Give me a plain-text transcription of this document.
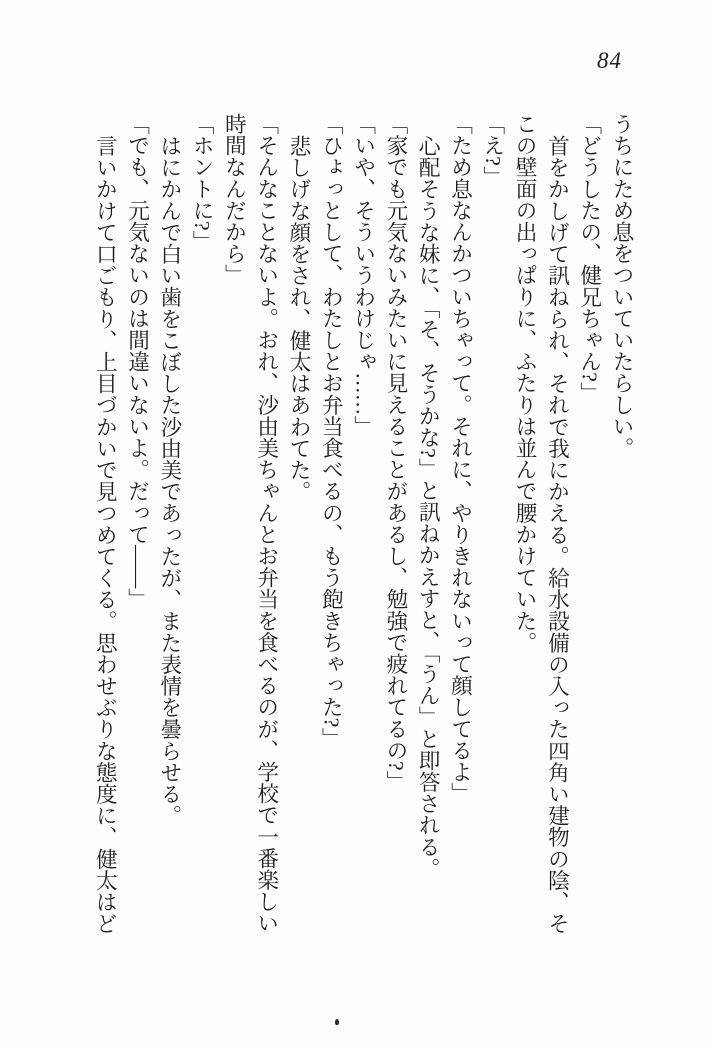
84

うちにため息をついていたらしい。

「どうしたの、健兄ちゃん?」

首をかしげて訊ねられ、それで我にかえる。給水設備の入った四角い建物の陰、そこの壁面の出っぱりに、ふたりは並んで腰かけていた。

「え?」

「ため息なんかついちゃって。それに、やりきれないって顔してるよ」

心配そうな妹に、「そ、そうかな?」と訊ねかえすと、「うん」と即答される。

「家でも元気ないみたいに見えることがあるし、勉強で疲れてるの?」

「いや、そういうわけじゃ……」

「ひょっとして、わたしとお弁当食べるの、もう飽きちゃった?」

悲しげな顔をされ、健太はあわてた。

「そんなことないよ。おれ、沙由美ちゃんとお弁当を食べるのが、学校で一番楽しい時間なんだから」

「ホントに?」

はにかんで白い歯をこぼした沙由美であったが、また表情を曇らせる。

「でも、元気ないのは間違いないよ。だって――」

言いかけて口ごもり、上目づかいで見つめてくる。思わせぶりな態度に、健太はど
